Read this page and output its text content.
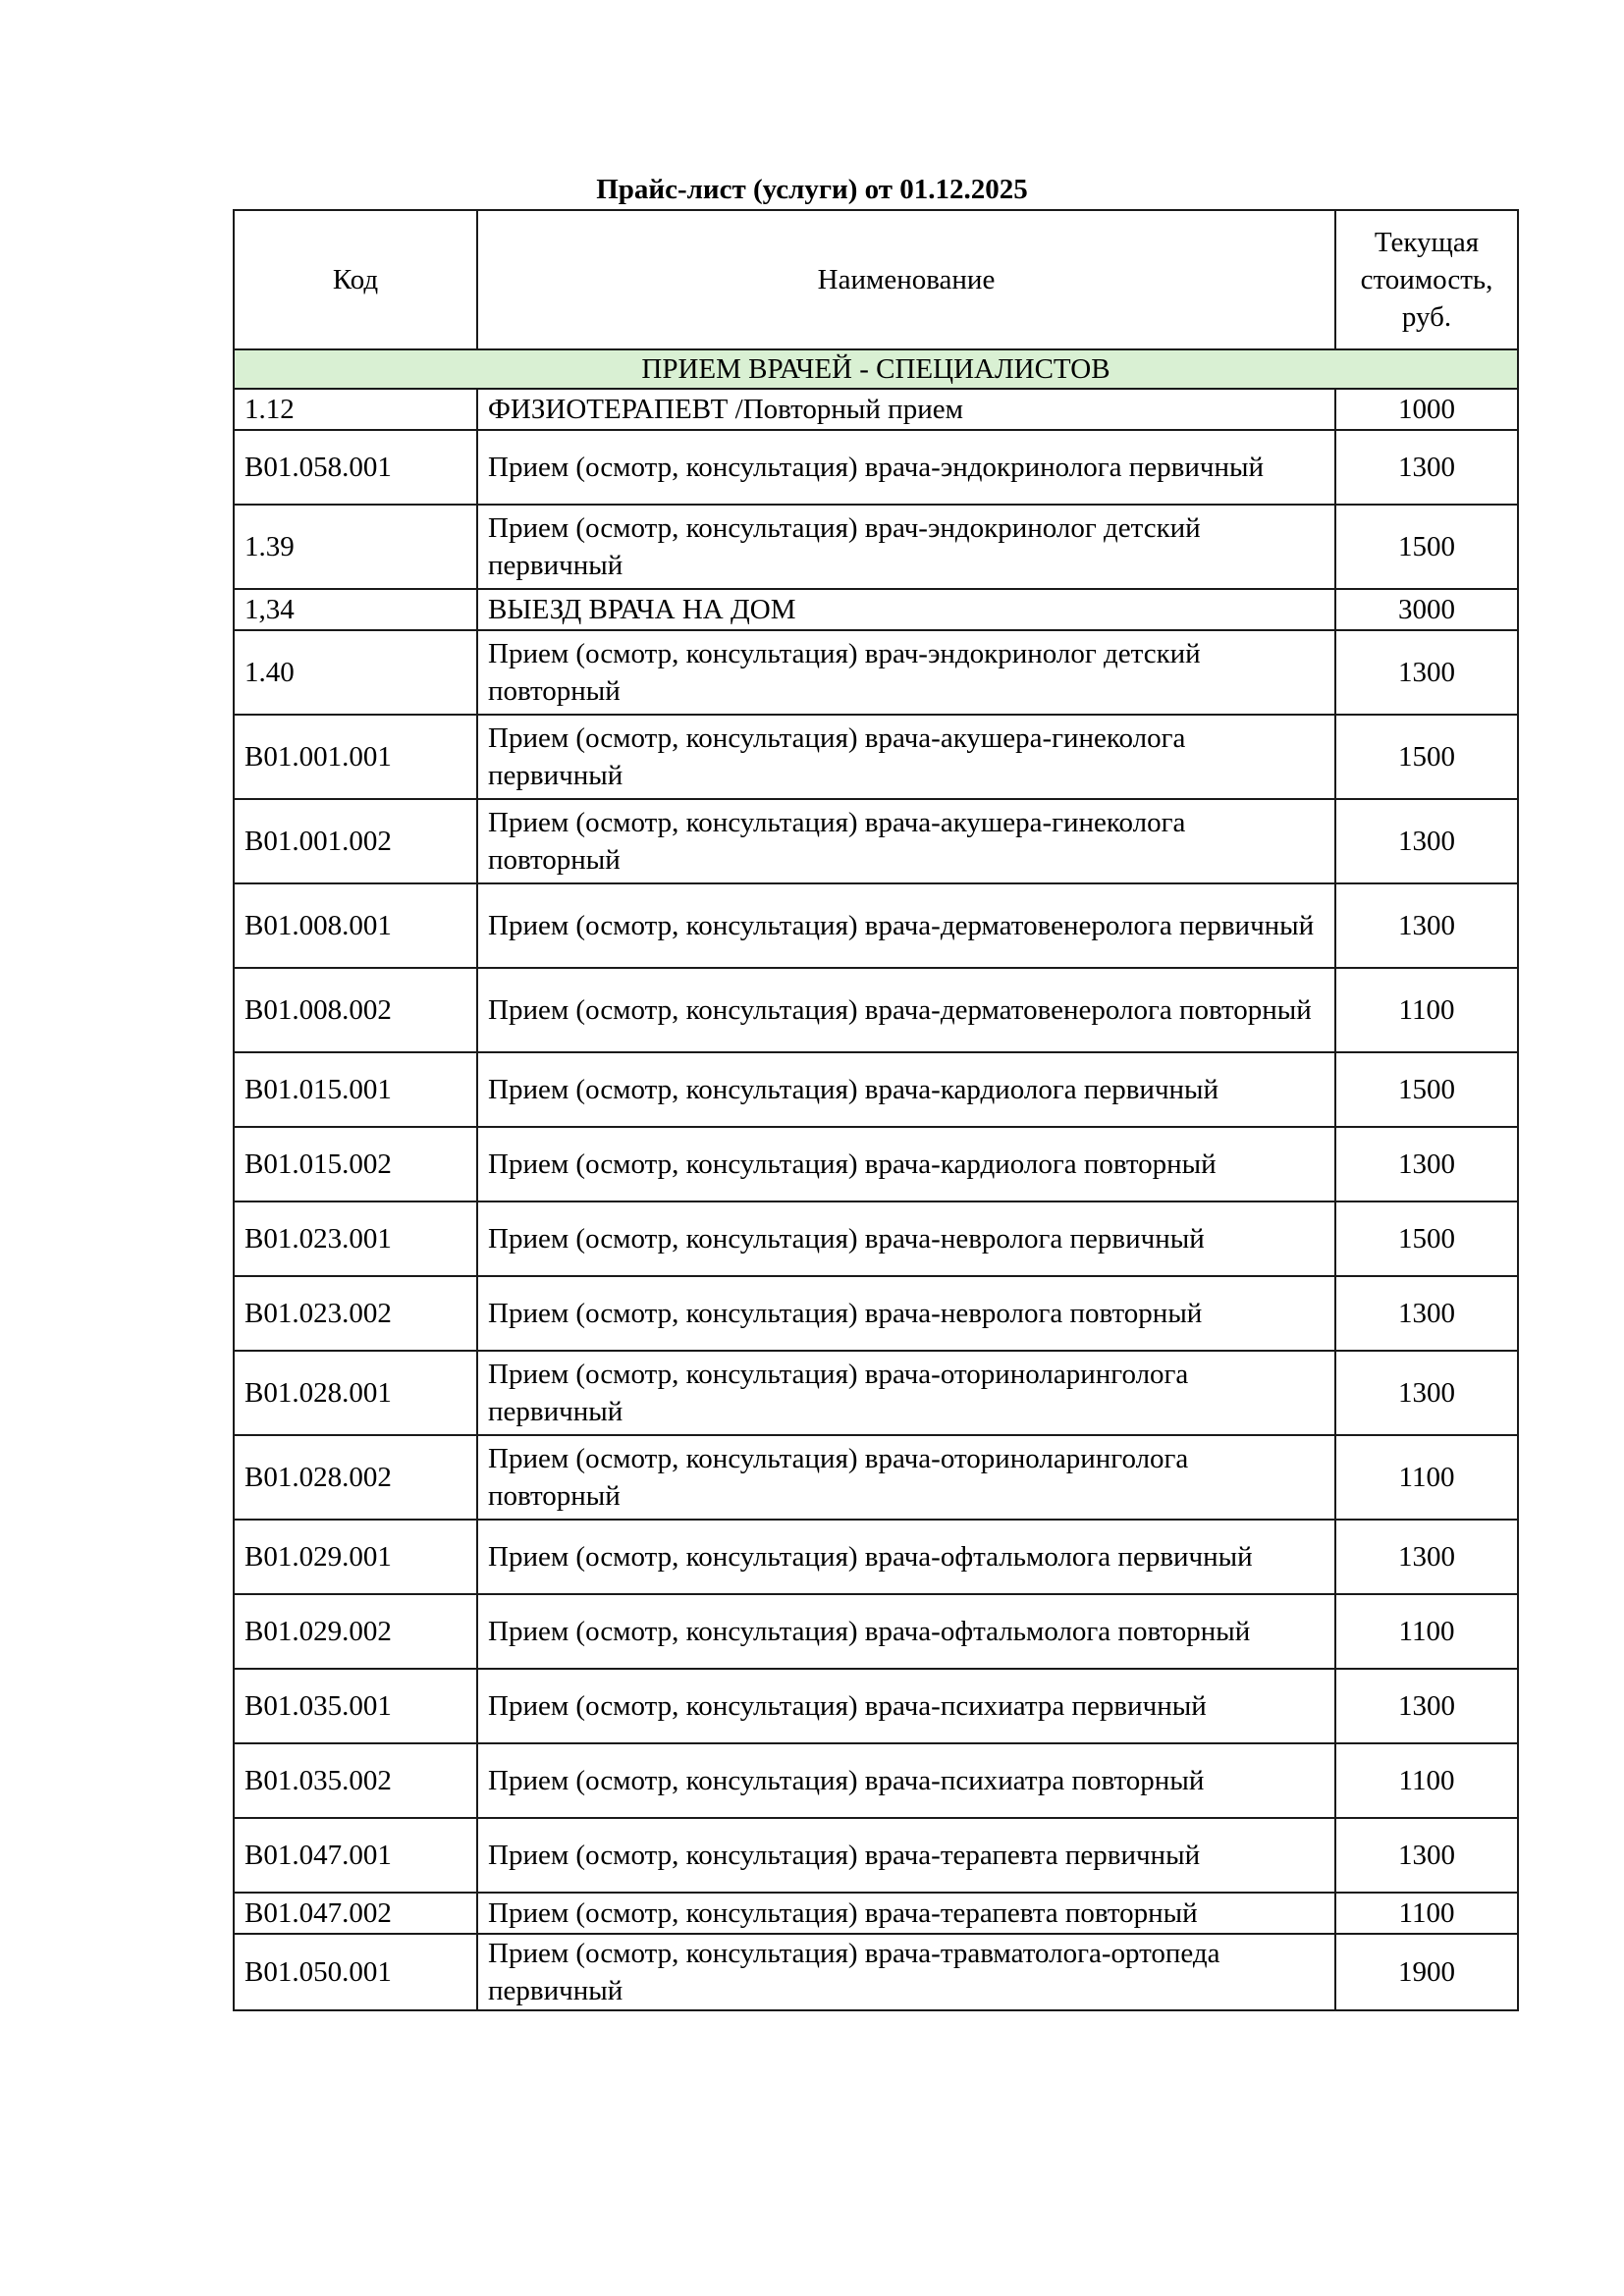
Прайс-лист (услуги) от 01.12.2025
Код	Наименование	Текущая стоимость, руб.
ПРИЕМ ВРАЧЕЙ - СПЕЦИАЛИСТОВ		
1.12	ФИЗИОТЕРАПЕВТ /Повторный прием	1000
B01.058.001	Прием (осмотр, консультация) врача-эндокринолога первичный	1300
1.39	Прием (осмотр, консультация) врач-эндокринолог детский первичный	1500
1,34	ВЫЕЗД ВРАЧА НА ДОМ	3000
1.40	Прием (осмотр, консультация) врач-эндокринолог детский повторный	1300
B01.001.001	Прием (осмотр, консультация) врача-акушера-гинеколога первичный	1500
B01.001.002	Прием (осмотр, консультация) врача-акушера-гинеколога повторный	1300
B01.008.001	Прием (осмотр, консультация) врача-дерматовенеролога первичный	1300
B01.008.002	Прием (осмотр, консультация) врача-дерматовенеролога повторный	1100
B01.015.001	Прием (осмотр, консультация) врача-кардиолога первичный	1500
B01.015.002	Прием (осмотр, консультация) врача-кардиолога повторный	1300
B01.023.001	Прием (осмотр, консультация) врача-невролога первичный	1500
B01.023.002	Прием (осмотр, консультация) врача-невролога повторный	1300
B01.028.001	Прием (осмотр, консультация) врача-оториноларинголога первичный	1300
B01.028.002	Прием (осмотр, консультация) врача-оториноларинголога повторный	1100
B01.029.001	Прием (осмотр, консультация) врача-офтальмолога первичный	1300
B01.029.002	Прием (осмотр, консультация) врача-офтальмолога повторный	1100
B01.035.001	Прием (осмотр, консультация) врача-психиатра первичный	1300
B01.035.002	Прием (осмотр, консультация) врача-психиатра повторный	1100
B01.047.001	Прием (осмотр, консультация) врача-терапевта первичный	1300
B01.047.002	Прием (осмотр, консультация) врача-терапевта повторный	1100
B01.050.001	Прием (осмотр, консультация) врача-травматолога-ортопеда первичный	1900
